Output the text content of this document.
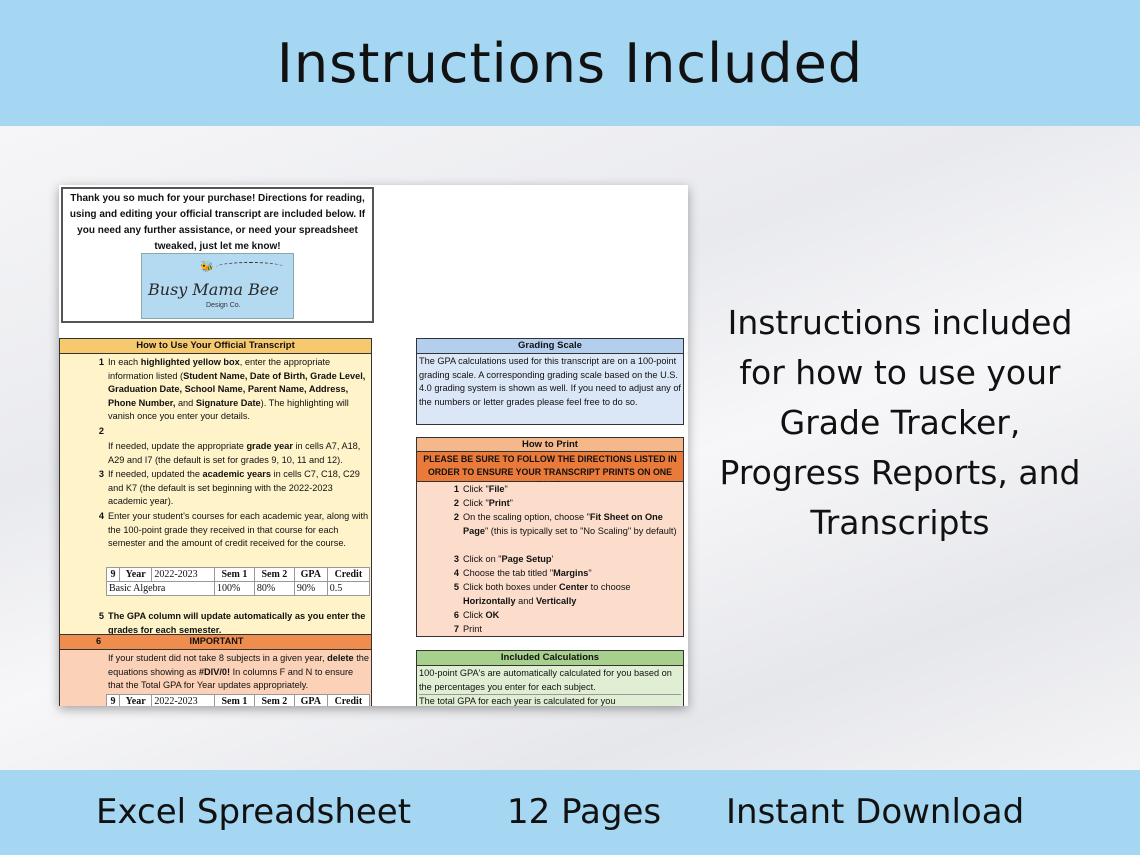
Instructions Included

Thank you so much for your purchase! Directions for reading, using and editing your official transcript are included below. If you need any further assistance, or need your spreadsheet tweaked, just let me know!

🐝
Busy Mama Bee
Design Co.
How to Use Your Official Transcript
1 In each highlighted yellow box, enter the appropriate information listed (Student Name, Date of Birth, Grade Level, Graduation Date, School Name, Parent Name, Address, Phone Number, and Signature Date). The highlighting will vanish once you enter your details.
2
If needed, update the appropriate grade year in cells A7, A18, A29 and I7 (the default is set for grades 9, 10, 11 and 12).
3 If needed, updated the academic years in cells C7, C18, C29 and K7 (the default is set beginning with the 2022-2023 academic year).
4 Enter your student's courses for each academic year, along with the 100-point grade they received in that course for each semester and the amount of credit received for the course.
9	Year	2022-2023	Sem 1	Sem 2	GPA	Credit
Basic Algebra			100%	80%	90%	0.5
5 The GPA column will update automatically as you enter the grades for each semester.
6	IMPORTANT
If your student did not take 8 subjects in a given year, delete the equations showing as #DIV/0! In columns F and N to ensure that the Total GPA for Year updates appropriately.
9	Year	2022-2023	Sem 1	Sem 2	GPA	Credit
Grading Scale
The GPA calculations used for this transcript are on a 100-point grading scale. A corresponding grading scale based on the U.S. 4.0 grading system is shown as well. If you need to adjust any of the numbers or letter grades please feel free to do so.
How to Print
PLEASE BE SURE TO FOLLOW THE DIRECTIONS LISTED IN ORDER TO ENSURE YOUR TRANSCRIPT PRINTS ON ONE
1 Click "File"
2 Click "Print"
2 On the scaling option, choose "Fit Sheet on One Page" (this is typically set to "No Scaling" by default)
3 Click on "Page Setup'
4 Choose the tab titled "Margins"
5 Click both boxes under Center to choose Horizontally and Vertically
6 Click OK
7 Print
Included Calculations
100-point GPA's are automatically calculated for you based on the percentages you enter for each subject.
The total GPA for each year is calculated for you
Instructions included for how to use your Grade Tracker, Progress Reports, and Transcripts
Excel Spreadsheet	12 Pages Instant Download
